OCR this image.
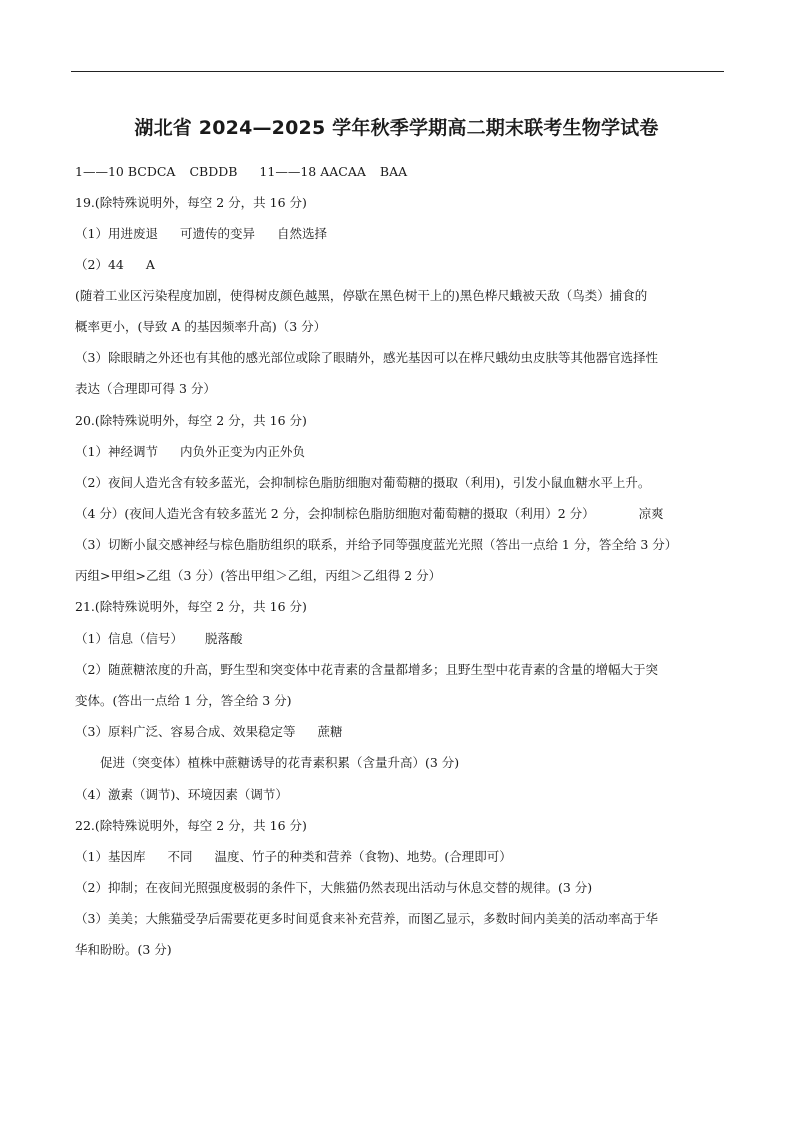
湖北省 2024—2025 学年秋季学期高二期末联考生物学试卷
1——10 BCDCA CBDDB 11——18 AACAA BAA
19.(除特殊说明外，每空 2 分，共 16 分)
（1）用进废退 可遗传的变异 自然选择
（2）44 A
(随着工业区污染程度加剧，使得树皮颜色越黑，停歇在黑色树干上的)黑色桦尺蛾被天敌（鸟类）捕食的
概率更小，(导致 A 的基因频率升高)（3 分）
（3）除眼睛之外还也有其他的感光部位或除了眼睛外，感光基因可以在桦尺蛾幼虫皮肤等其他器官选择性
表达（合理即可得 3 分）
20.(除特殊说明外，每空 2 分，共 16 分)
（1）神经调节 内负外正变为内正外负
（2）夜间人造光含有较多蓝光，会抑制棕色脂肪细胞对葡萄糖的摄取（利用)，引发小鼠血糖水平上升。
（4 分）(夜间人造光含有较多蓝光 2 分，会抑制棕色脂肪细胞对葡萄糖的摄取（利用）2 分）	凉爽
（3）切断小鼠交感神经与棕色脂肪组织的联系，并给予同等强度蓝光光照（答出一点给 1 分，答全给 3 分）
丙组>甲组>乙组（3 分）(答出甲组＞乙组，丙组＞乙组得 2 分）
21.(除特殊说明外，每空 2 分，共 16 分)
（1）信息（信号） 脱落酸
（2）随蔗糖浓度的升高，野生型和突变体中花青素的含量都增多；且野生型中花青素的含量的增幅大于突
变体。(答出一点给 1 分，答全给 3 分)
（3）原料广泛、容易合成、效果稳定等 蔗糖
促进（突变体）植株中蔗糖诱导的花青素积累（含量升高）(3 分)
（4）激素（调节)、环境因素（调节）
22.(除特殊说明外，每空 2 分，共 16 分)
（1）基因库 不同 温度、竹子的种类和营养（食物)、地势。(合理即可）
（2）抑制；在夜间光照强度极弱的条件下，大熊猫仍然表现出活动与休息交替的规律。(3 分)
（3）美美；大熊猫受孕后需要花更多时间觅食来补充营养，而图乙显示，多数时间内美美的活动率高于华
华和盼盼。(3 分)
